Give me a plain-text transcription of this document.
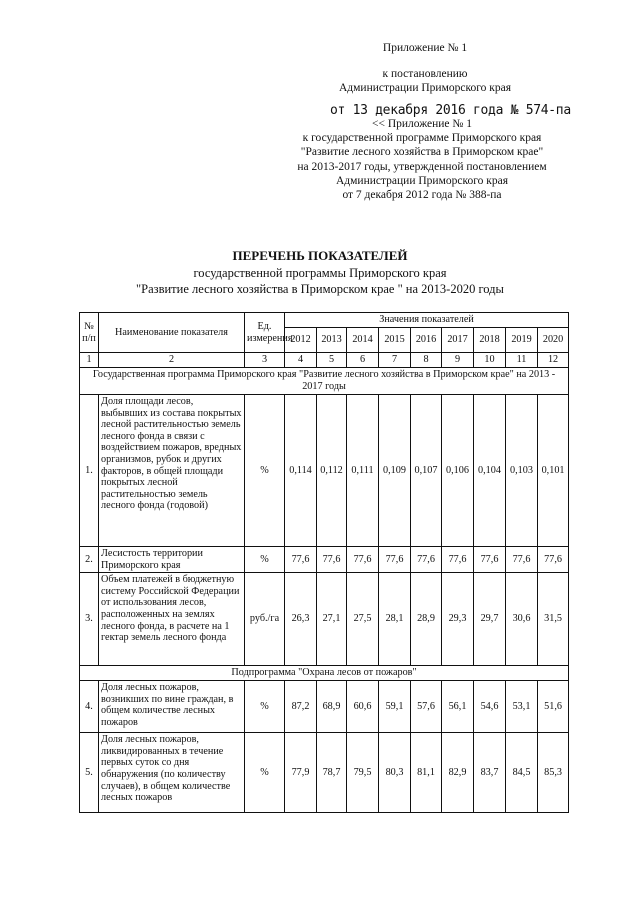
Приложение № 1
к постановлению
Администрации Приморского края
от 13 декабря 2016 года № 574-па
<< Приложение № 1
к государственной программе Приморского края
"Развитие лесного хозяйства в Приморском крае"
на 2013-2017 годы, утвержденной постановлением
Администрации Приморского края
от 7 декабря 2012 года № 388-па
ПЕРЕЧЕНЬ ПОКАЗАТЕЛЕЙ
государственной программы Приморского края
"Развитие лесного хозяйства в Приморском крае " на 2013-2020 годы
№ п/п	Наименование показателя	Ед. измерения	Значения показателей								
			2012	2013	2014	2015	2016	2017	2018	2019	2020
1	2	3	4	5	6	7	8	9	10	11	12
Государственная программа Приморского края "Развитие лесного хозяйства в Приморском крае" на 2013 - 2017 годы											
1.	Доля площади лесов, выбывших из состава покрытых лесной растительностью земель лесного фонда в связи с воздействием пожаров, вредных организмов, рубок и других факторов, в общей площади покрытых лесной растительностью земель лесного фонда (годовой)	%	0,114	0,112	0,111	0,109	0,107	0,106	0,104	0,103	0,101
2.	Лесистость территории Приморского края	%	77,6	77,6	77,6	77,6	77,6	77,6	77,6	77,6	77,6
3.	Объем платежей в бюджетную систему Российской Федерации от использования лесов, расположенных на землях лесного фонда, в расчете на 1 гектар земель лесного фонда	руб./га	26,3	27,1	27,5	28,1	28,9	29,3	29,7	30,6	31,5
Подпрограмма "Охрана лесов от пожаров"											
4.	Доля лесных пожаров, возникших по вине граждан, в общем количестве лесных пожаров	%	87,2	68,9	60,6	59,1	57,6	56,1	54,6	53,1	51,6
5.	Доля лесных пожаров, ликвидированных в течение первых суток со дня обнаружения (по количеству случаев), в общем количестве лесных пожаров	%	77,9	78,7	79,5	80,3	81,1	82,9	83,7	84,5	85,3
